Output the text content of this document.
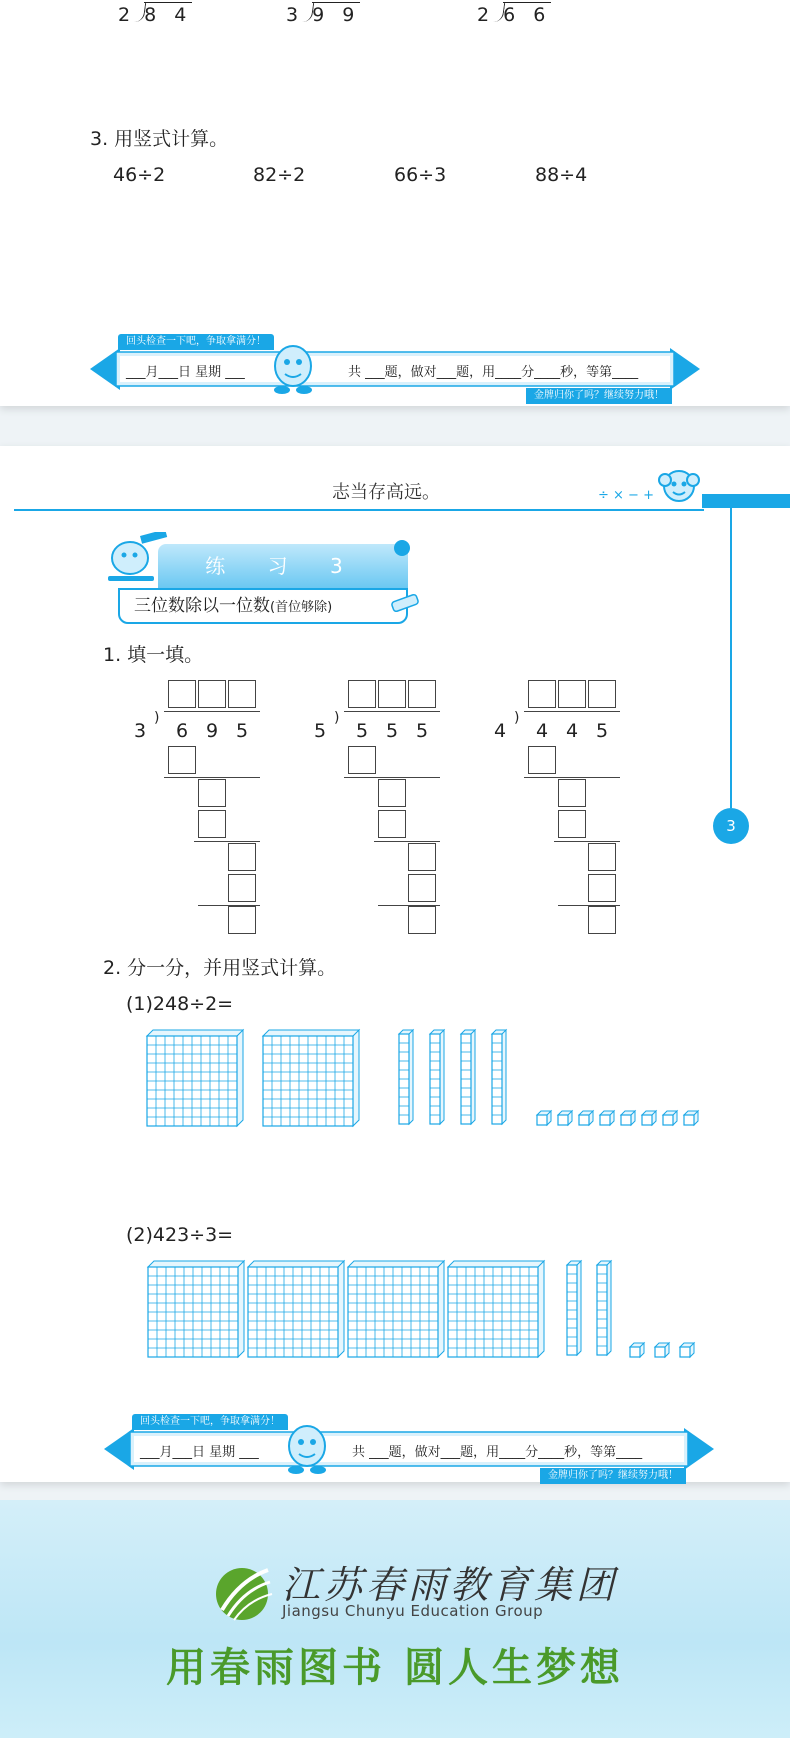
2 8 4	3 9 9	2 6 6
3. 用竖式计算。
46÷2	82÷2	66÷3	88÷4
回头检查一下吧，争取拿满分！
___月___日 星期 ___	共 ___题，做对___题，用____分____秒，等第____
金牌归你了吗？继续努力哦！
志当存高远。	÷ × − +
练 习 3
三位数除以一位数(首位够除)
1. 填一填。
3
)
6 9 5	5
)
5 5 5	4
)
4 4 5
3
2. 分一分，并用竖式计算。
(1)248÷2=
(2)423÷3=
回头检查一下吧，争取拿满分！
___月___日 星期 ___	共 ___题，做对___题，用____分____秒，等第____
金牌归你了吗？继续努力哦！
江苏春雨教育集团
Jiangsu Chunyu Education Group
用春雨图书 圆人生梦想
